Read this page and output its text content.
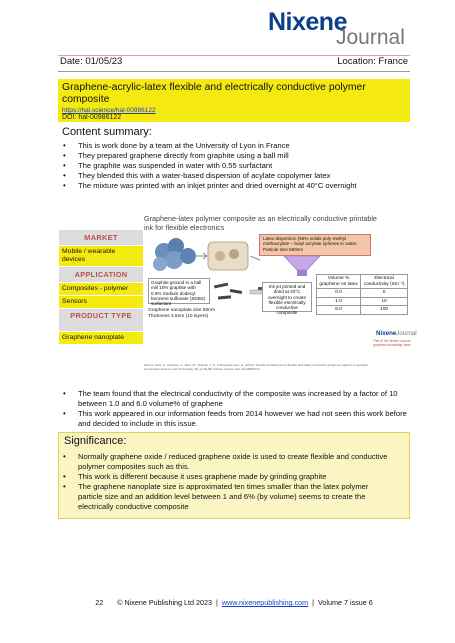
Nixene
Journal
Date: 01/05/23	Location: France
Graphene-acrylic-latex flexible and electrically conductive polymer composite
https://hal.science/hal-00986122
DOI: hal-00986122
Content summary:
• This is work done by a team at the University of Lyon in France
• They prepared graphene directly from graphite using a ball mill
• The graphite was suspended in water with 0.55 surfactant
• They blended this with a water-based dispersion of acylate copolymer latex
• The mixture was printed with an inkjet printer and dried overnight at 40°C overnight
Graphene-latex polymer composite as an electrically conductive printable ink for flexible electronics
MARKET
Mobile / wearable devices
APPLICATION
Composites - polymer
Sensors
PRODUCT TYPE
Graphene nanoplate
Latex dispersion (55% solids poly-methyl methacrylate – butyl acrylate spheres in water. Particle size 550nm
Graphite ground in a ball mill 10% graphite with 0.5% Sodium dodecyl benzene sulfonate (SDBS) surfactant
Graphene nanoplate size 50nm Thickness 3.5nm (10 layers)
Ink jet printed and dried at 40°C overnight to create flexible electrically conductive composite
Volume % graphene on latex	Electrical conductivity (Sm⁻¹)
0.0	0
1.0	10
6.0	100
NixeneJournal
Part of the Nixene Journal graphene knowledge base
Source: Noël, A., Faucheu, J., Rieu, M., Viricelle, J.-P., & Bourgeat-Lami, E. (2014). Tunable architecture for flexible and highly conductive graphene-polymer composites. Composites Science and Technology, 95, pp 82-88. Archive ouverte HAL hal-00986122.
• The team found that the electrical conductivity of the composite was increased by a factor of 10 between 1.0 and 6.0 volume% of graphene
• This work appeared in our information feeds from 2014 however we had not seen this work before and decided to include in this issue.
Significance:
• Normally graphene oxide / reduced graphene oxide is used to create flexible and conductive polymer composites such as this.
• This work is different because it uses graphene made by grinding graphite
• The graphene nanoplate size is approximated ten times smaller than the latex polymer particle size and an addition level between 1 and 6% (by volume) seems to create the electrically conductive composite
22 © Nixene Publishing Ltd 2023  |  www.nixenepublishing.com  |  Volume 7 issue 6
